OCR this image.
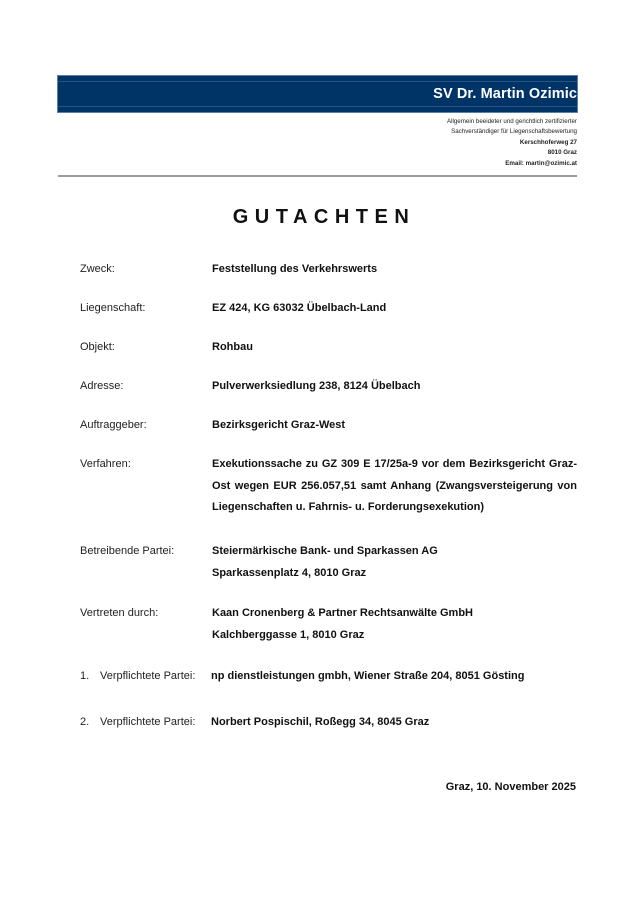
SV Dr. Martin Ozimic
Allgemein beeideter und gerichtlich zertifizierter
Sachverständiger für Liegenschaftsbewertung
Kerschhoferweg 27
8010 Graz
Email: martin@ozimic.at
GUTACHTEN
Zweck:	Feststellung des Verkehrswerts
Liegenschaft:	EZ 424, KG 63032 Übelbach-Land
Objekt:	Rohbau
Adresse:	Pulverwerksiedlung 238, 8124 Übelbach
Auftraggeber:	Bezirksgericht Graz-West
Verfahren:	Exekutionssache zu GZ 309 E 17/25a-9 vor dem Bezirksgericht Graz-Ost wegen EUR 256.057,51 samt Anhang (Zwangsversteigerung von Liegenschaften u. Fahrnis- u. Forderungsexekution)
Betreibende Partei:	Steiermärkische Bank- und Sparkassen AG
Sparkassenplatz 4, 8010 Graz
Vertreten durch:	Kaan Cronenberg & Partner Rechtsanwälte GmbH
Kalchberggasse 1, 8010 Graz
1. Verpflichtete Partei: np dienstleistungen gmbh, Wiener Straße 204, 8051 Gösting
2. Verpflichtete Partei: Norbert Pospischil, Roßegg 34, 8045 Graz
Graz, 10. November 2025
